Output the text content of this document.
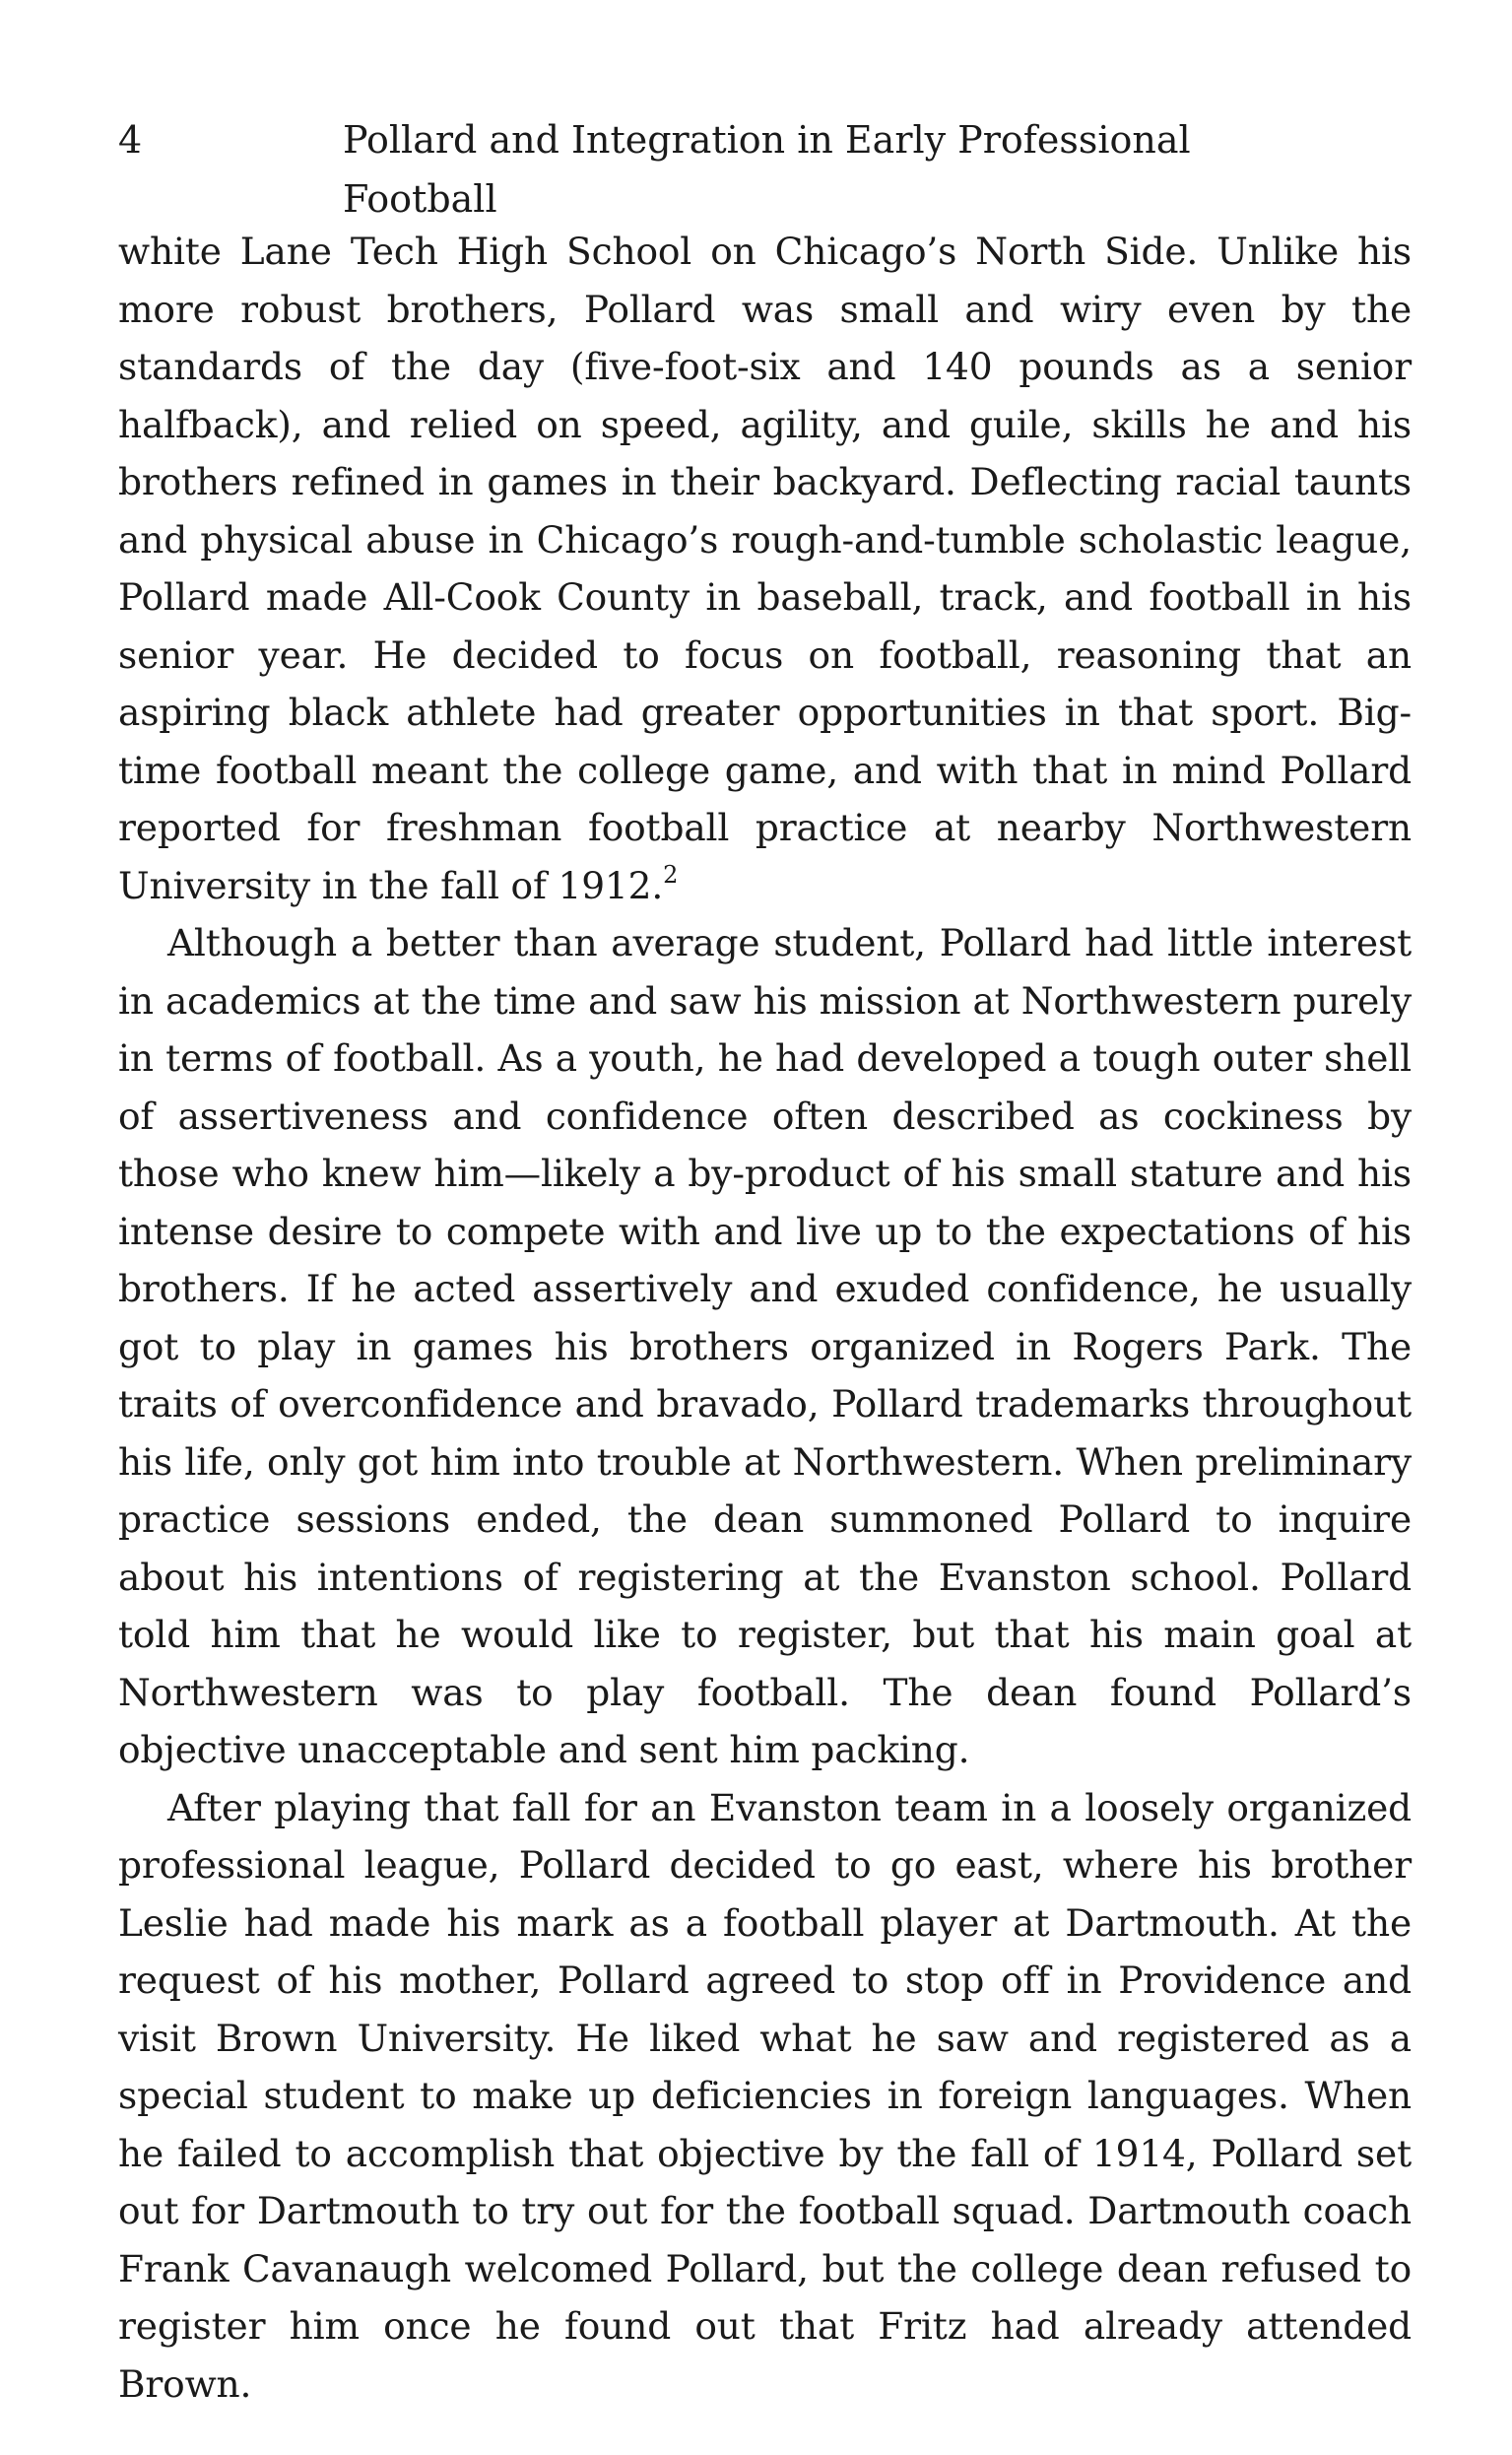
4	Pollard and Integration in Early Professional Football

white Lane Tech High School on Chicago’s North Side. Unlike his more robust brothers, Pollard was small and wiry even by the standards of the day (five-foot-six and 140 pounds as a senior halfback), and relied on speed, agility, and guile, skills he and his brothers refined in games in their backyard. Deflecting racial taunts and physical abuse in Chicago’s rough-and-tumble scholastic league, Pollard made All-Cook County in baseball, track, and football in his senior year. He decided to focus on football, reasoning that an aspiring black athlete had greater opportunities in that sport. Big-time football meant the college game, and with that in mind Pollard reported for freshman football practice at nearby Northwestern University in the fall of 1912.$^2$

Although a better than average student, Pollard had little interest in academics at the time and saw his mission at Northwestern purely in terms of football. As a youth, he had developed a tough outer shell of assertiveness and confidence often described as cockiness by those who knew him—likely a by-product of his small stature and his intense desire to compete with and live up to the expectations of his brothers. If he acted assertively and exuded confidence, he usually got to play in games his brothers organized in Rogers Park. The traits of overconfidence and bravado, Pollard trademarks throughout his life, only got him into trouble at Northwestern. When preliminary practice sessions ended, the dean summoned Pollard to inquire about his intentions of registering at the Evanston school. Pollard told him that he would like to register, but that his main goal at Northwestern was to play football. The dean found Pollard’s objective unacceptable and sent him packing.

After playing that fall for an Evanston team in a loosely organized professional league, Pollard decided to go east, where his brother Leslie had made his mark as a football player at Dartmouth. At the request of his mother, Pollard agreed to stop off in Providence and visit Brown University. He liked what he saw and registered as a special student to make up deficiencies in foreign languages. When he failed to accomplish that objective by the fall of 1914, Pollard set out for Dartmouth to try out for the football squad. Dartmouth coach Frank Cavanaugh welcomed Pollard, but the college dean refused to register him once he found out that Fritz had already attended Brown.
